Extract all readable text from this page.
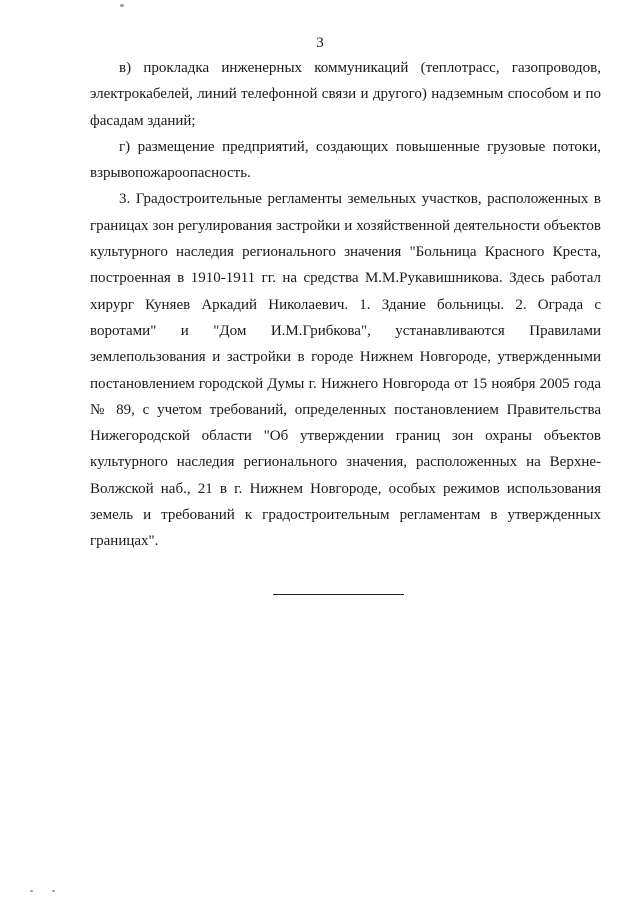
3

в) прокладка инженерных коммуникаций (теплотрасс, газопроводов, электрокабелей, линий телефонной связи и другого) надземным способом и по фасадам зданий;

г) размещение предприятий, создающих повышенные грузовые потоки, взрывопожароопасность.

3. Градостроительные регламенты земельных участков, расположенных в границах зон регулирования застройки и хозяйственной деятельности объектов культурного наследия регионального значения "Больница Красного Креста, построенная в 1910-1911 гг. на средства М.М.Рукавишникова. Здесь работал хирург Куняев Аркадий Николаевич. 1. Здание больницы. 2. Ограда с воротами" и "Дом И.М.Грибкова", устанавливаются Правилами землепользования и застройки в городе Нижнем Новгороде, утвержденными постановлением городской Думы г. Нижнего Новгорода от 15 ноября 2005 года № 89, с учетом требований, определенных постановлением Правительства Нижегородской области "Об утверждении границ зон охраны объектов культурного наследия регионального значения, расположенных на Верхне-Волжской наб., 21 в г. Нижнем Новгороде, особых режимов использования земель и требований к градостроительным регламентам в утвержденных границах".
